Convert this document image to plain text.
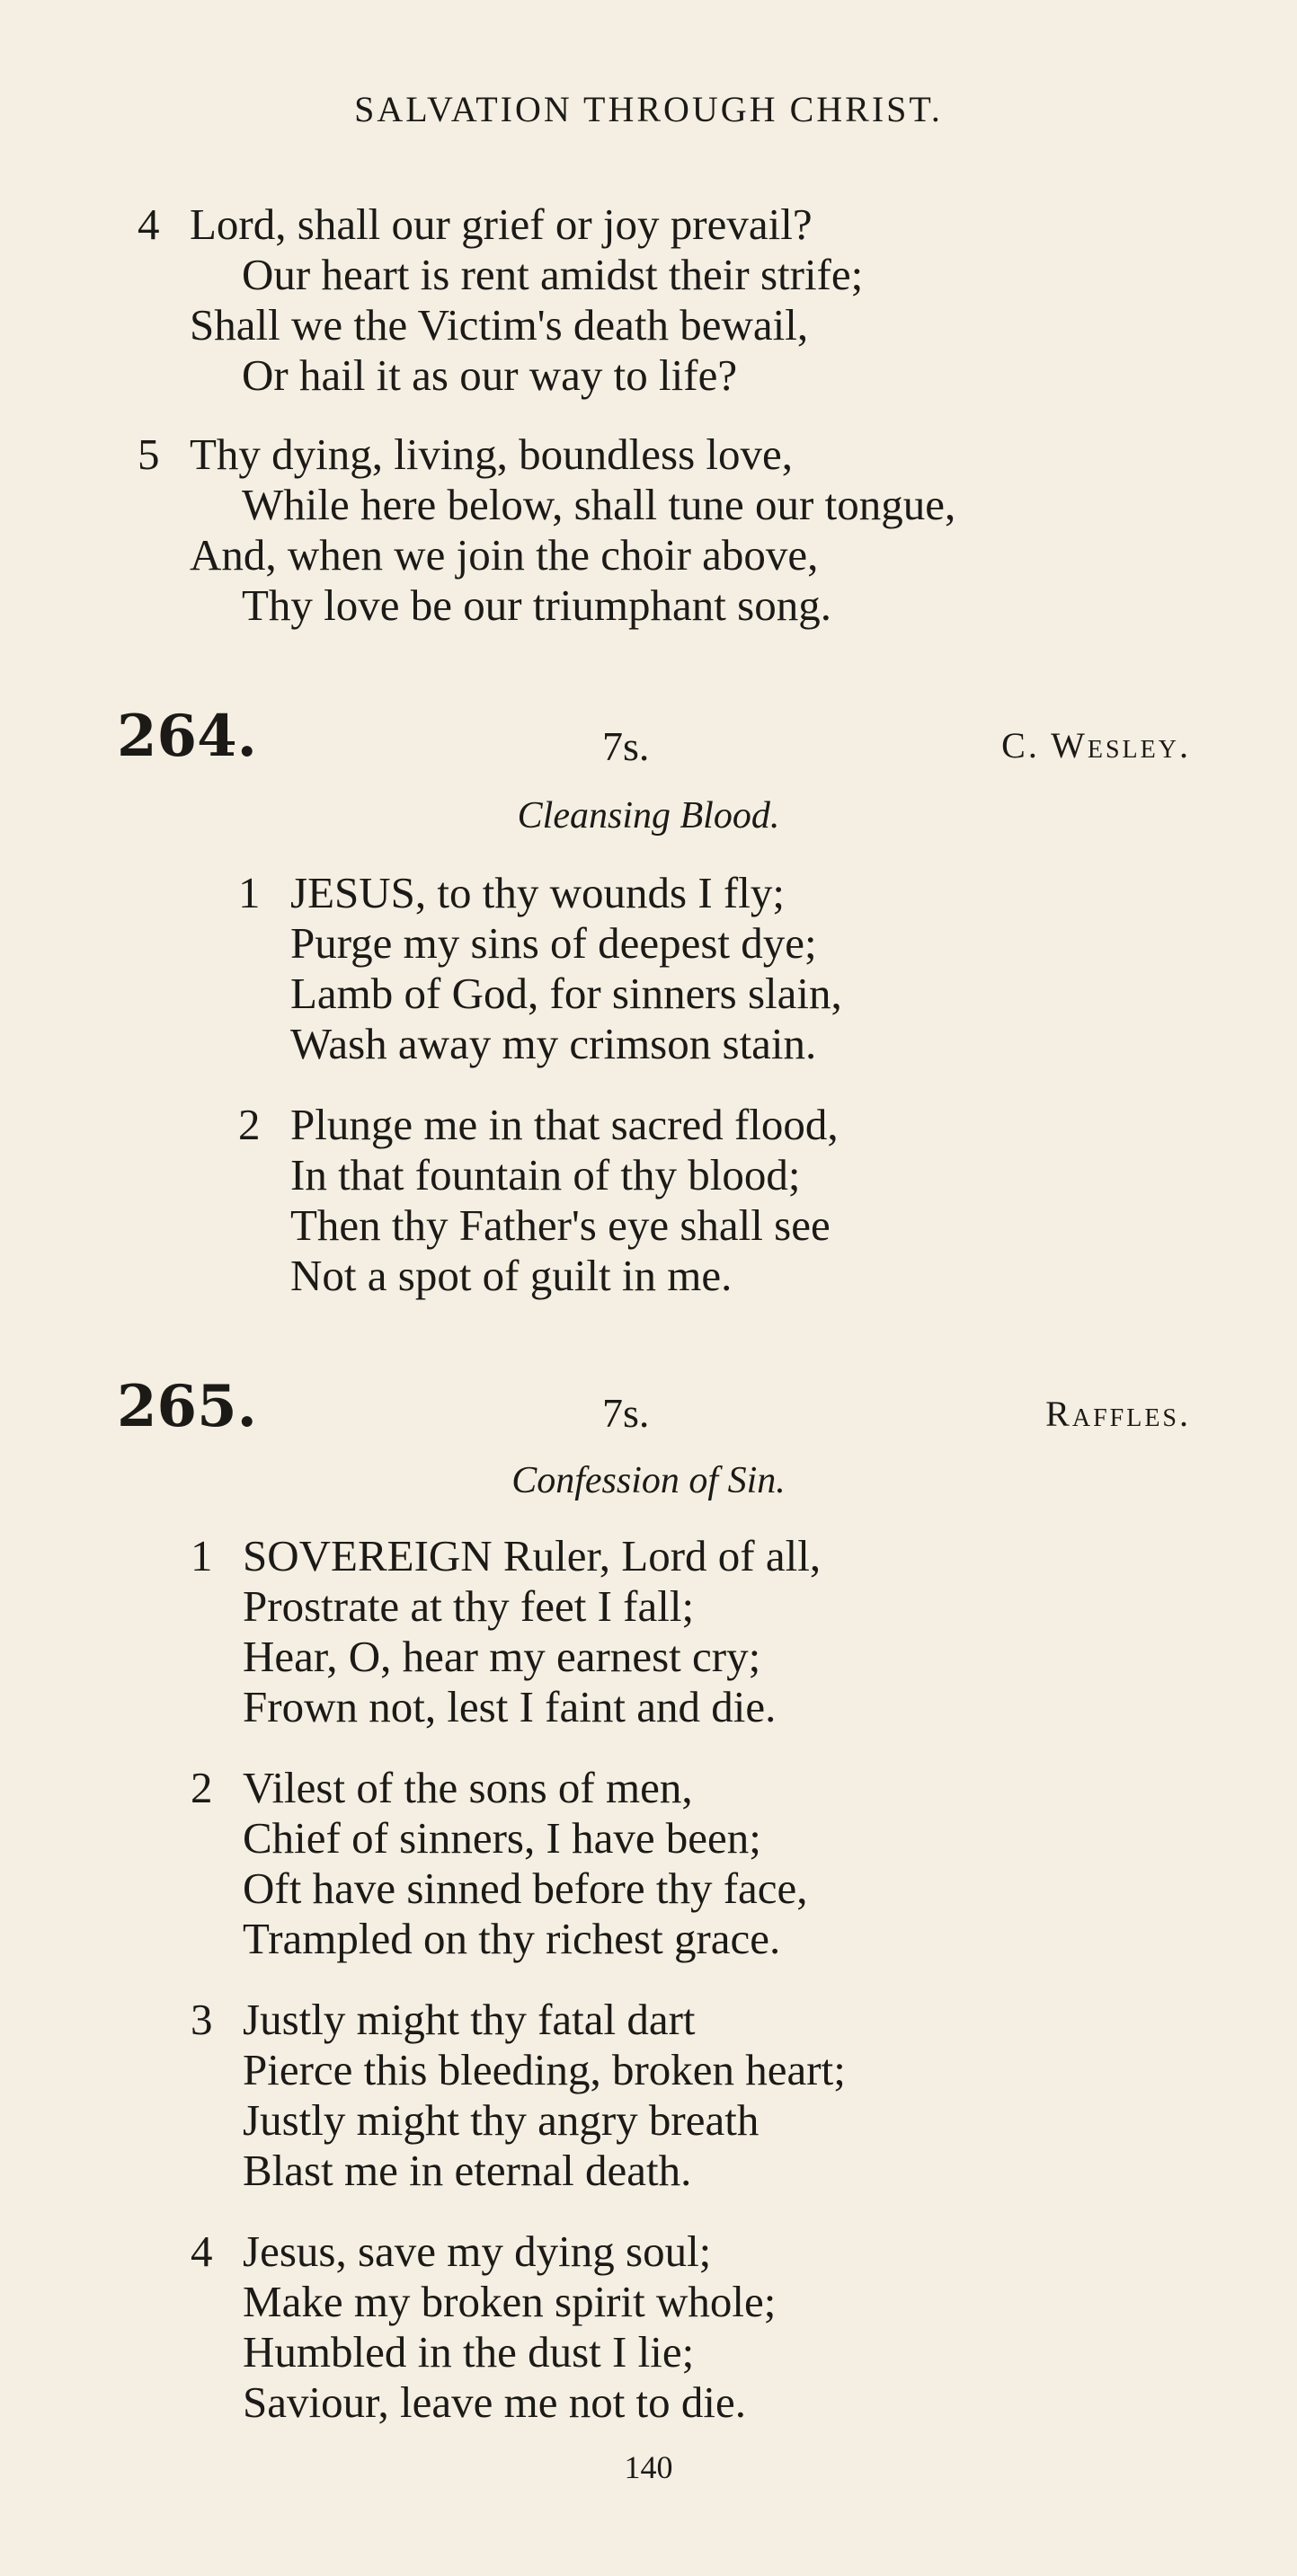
SALVATION THROUGH CHRIST.
4 Lord, shall our grief or joy prevail?
Our heart is rent amidst their strife;
Shall we the Victim's death bewail,
Or hail it as our way to life?
5 Thy dying, living, boundless love,
While here below, shall tune our tongue,
And, when we join the choir above,
Thy love be our triumphant song.
264.	7s.	C. Wesley.
Cleansing Blood.
1 JESUS, to thy wounds I fly;
Purge my sins of deepest dye;
Lamb of God, for sinners slain,
Wash away my crimson stain.
2 Plunge me in that sacred flood,
In that fountain of thy blood;
Then thy Father's eye shall see
Not a spot of guilt in me.
265.	7s.	Raffles.
Confession of Sin.
1 SOVEREIGN Ruler, Lord of all,
Prostrate at thy feet I fall;
Hear, O, hear my earnest cry;
Frown not, lest I faint and die.
2 Vilest of the sons of men,
Chief of sinners, I have been;
Oft have sinned before thy face,
Trampled on thy richest grace.
3 Justly might thy fatal dart
Pierce this bleeding, broken heart;
Justly might thy angry breath
Blast me in eternal death.
4 Jesus, save my dying soul;
Make my broken spirit whole;
Humbled in the dust I lie;
Saviour, leave me not to die.
140
